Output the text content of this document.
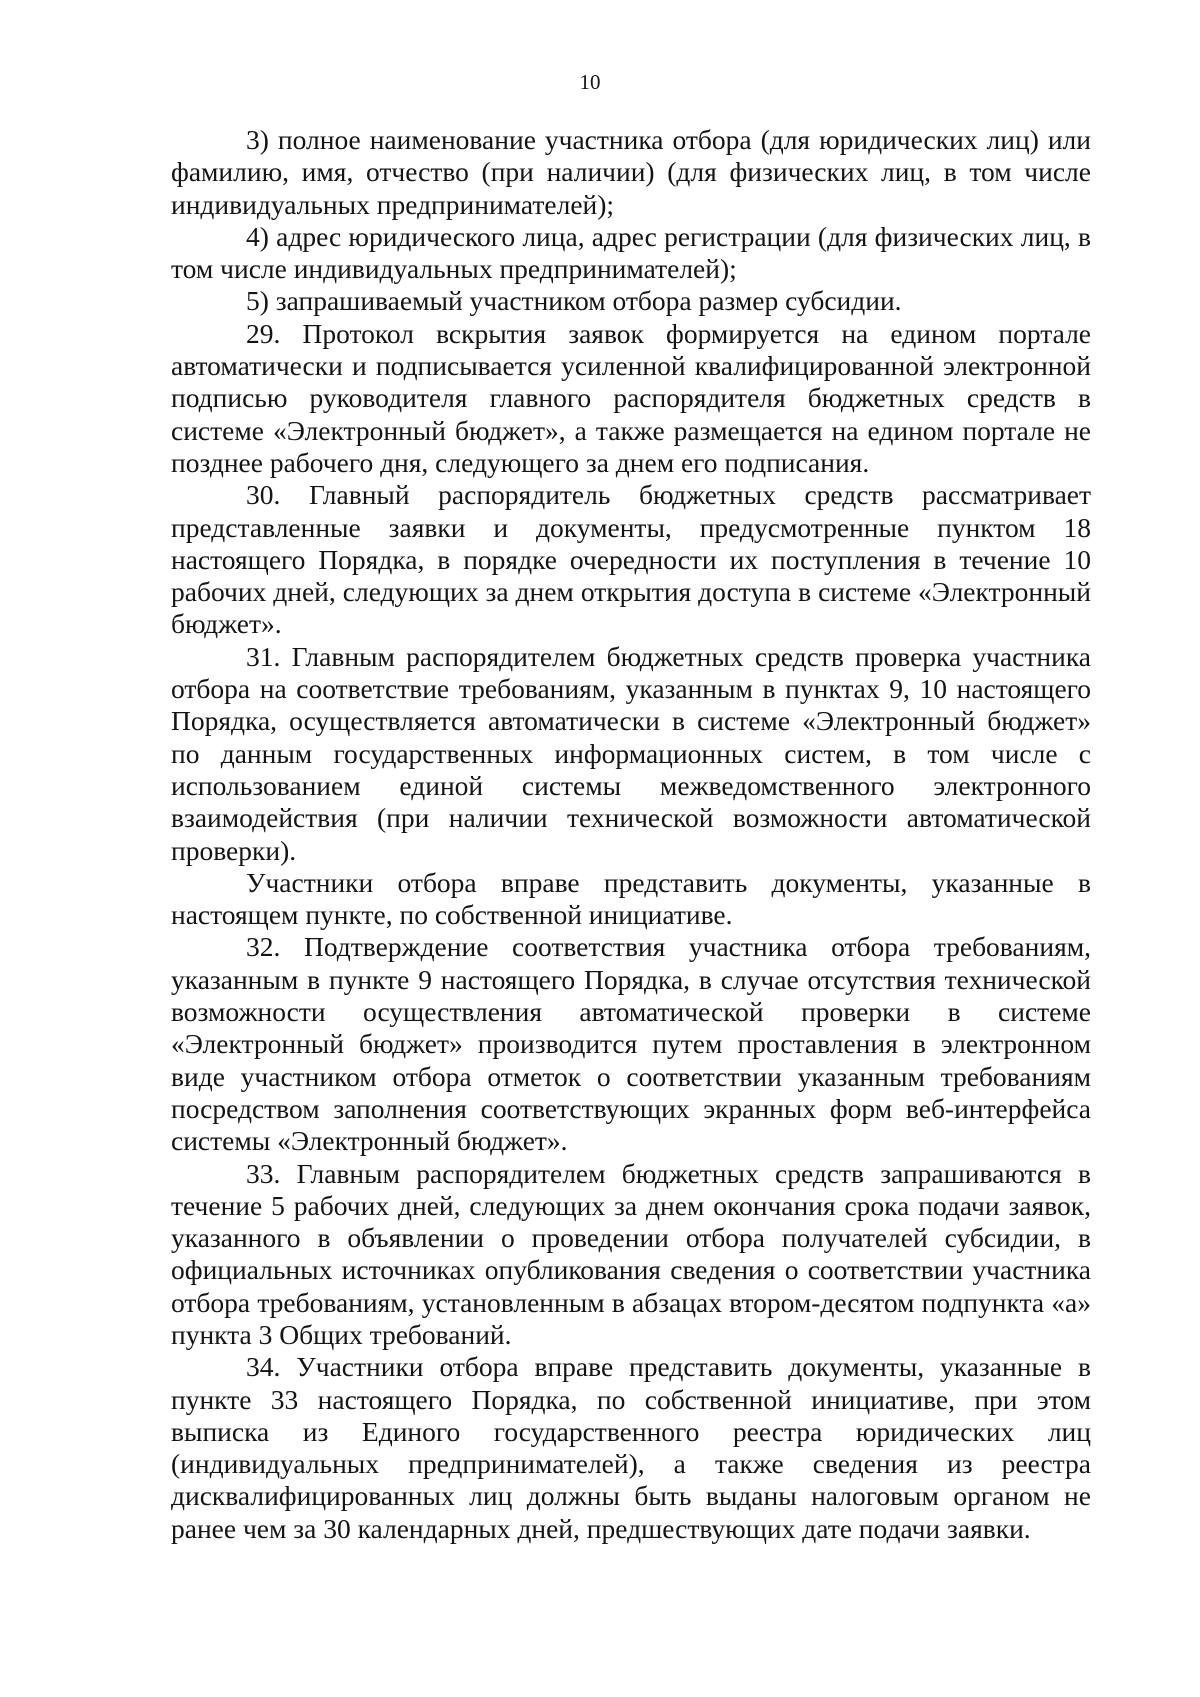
10

3) полное наименование участника отбора (для юридических лиц) или фамилию, имя, отчество (при наличии) (для физических лиц, в том числе индивидуальных предпринимателей);

4) адрес юридического лица, адрес регистрации (для физических лиц, в том числе индивидуальных предпринимателей);

5) запрашиваемый участником отбора размер субсидии.

29. Протокол вскрытия заявок формируется на едином портале автоматически и подписывается усиленной квалифицированной электронной подписью руководителя главного распорядителя бюджетных средств в системе «Электронный бюджет», а также размещается на едином портале не позднее рабочего дня, следующего за днем его подписания.

30. Главный распорядитель бюджетных средств рассматривает представленные заявки и документы, предусмотренные пунктом 18 настоящего Порядка, в порядке очередности их поступления в течение 10 рабочих дней, следующих за днем открытия доступа в системе «Электронный бюджет».

31. Главным распорядителем бюджетных средств проверка участника отбора на соответствие требованиям, указанным в пунктах 9, 10 настоящего Порядка, осуществляется автоматически в системе «Электронный бюджет» по данным государственных информационных систем, в том числе с использованием единой системы межведомственного электронного взаимодействия (при наличии технической возможности автоматической проверки).

Участники отбора вправе представить документы, указанные в настоящем пункте, по собственной инициативе.

32. Подтверждение соответствия участника отбора требованиям, указанным в пункте 9 настоящего Порядка, в случае отсутствия технической возможности осуществления автоматической проверки в системе «Электронный бюджет» производится путем проставления в электронном виде участником отбора отметок о соответствии указанным требованиям посредством заполнения соответствующих экранных форм веб-интерфейса системы «Электронный бюджет».

33. Главным распорядителем бюджетных средств запрашиваются в течение 5 рабочих дней, следующих за днем окончания срока подачи заявок, указанного в объявлении о проведении отбора получателей субсидии, в официальных источниках опубликования сведения о соответствии участника отбора требованиям, установленным в абзацах втором-десятом подпункта «а» пункта 3 Общих требований.

34. Участники отбора вправе представить документы, указанные в пункте 33 настоящего Порядка, по собственной инициативе, при этом выписка из Единого государственного реестра юридических лиц (индивидуальных предпринимателей), а также сведения из реестра дисквалифицированных лиц должны быть выданы налоговым органом не ранее чем за 30 календарных дней, предшествующих дате подачи заявки.
